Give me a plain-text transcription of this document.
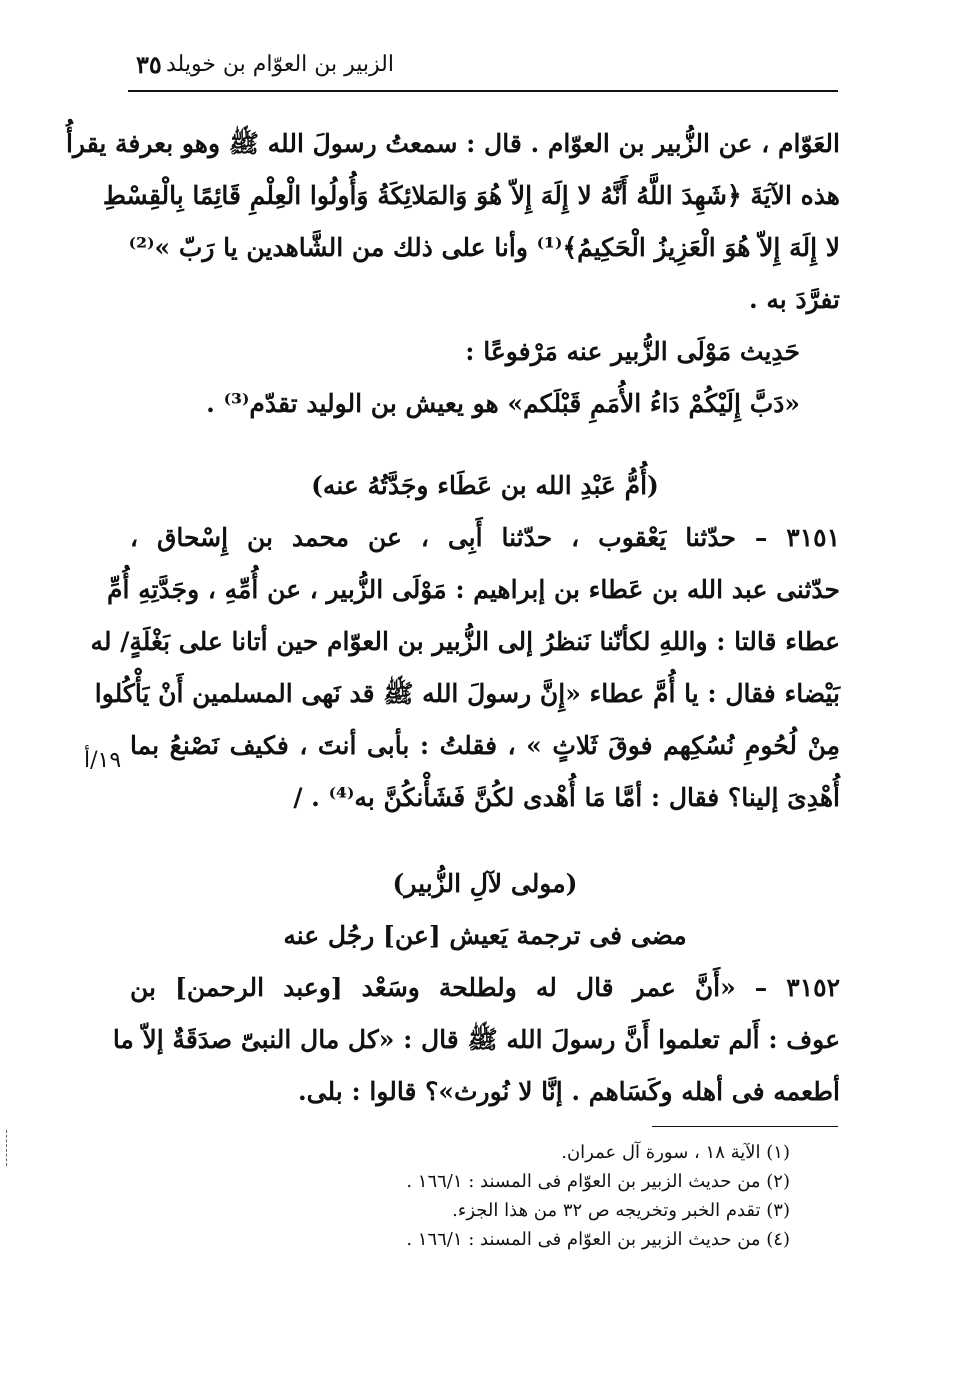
الزبير بن العوّام بن خويلد
٣٥
العَوّام ، عن الزُّبير بن العوّام . قال : سمعتُ رسولَ الله ﷺ وهو بعرفة يقرأُ
هذه الآيَةَ ﴿شَهِدَ اللَّهُ أَنَّهُ لا إِلَهَ إِلاّ هُوَ وَالمَلائِكَةُ وَأُولُوا الْعِلْمِ قَائِمًا بِالْقِسْطِ
لا إِلَهَ إِلاّ هُوَ الْعَزِيزُ الْحَكِيمُ﴾⁽¹⁾ وأنا على ذلك من الشَّاهدين يا رَبّ »⁽²⁾
تفرَّدَ به .
حَدِيث مَوْلَى الزُّبير عنه مَرْفوعًا :
«دَبَّ إِلَيْكُمْ دَاءُ الأُمَمِ قَبْلَكم» هو يعيش بن الوليد تقدّم⁽³⁾ .
(أُمُّ عَبْدِ الله بن عَطَاء وجَدَّتُهُ عنه)
٣١٥١ – حدّثنا يَعْقوب ، حدّثنا أَبِى ، عن محمد بن إِسْحاق ،
حدّثنى عبد الله بن عَطاء بن إبراهيم : مَوْلَى الزُّبير ، عن أُمِّهِ ، وجَدَّتِهِ أُمِّ
عطاء قالتا : واللهِ لكأنّنا نَنظرُ إلى الزُّبير بن العوّام حين أتانا على بَغْلَةٍ/ له
بَيْضاء فقال : يا أُمَّ عطاء «إِنَّ رسولَ الله ﷺ قد نَهى المسلمين أَنْ يَأْكُلوا
مِنْ لُحُومِ نُسُكِهم فوقَ ثَلاثٍ » ، فقلتُ : بأبى أنتَ ، فكيف نَصْنعُ بما
أُهْدِىَ إلينا؟ فقال : أمَّا مَا أُهْدى لكُنَّ فَشَأْنكُنَّ به⁽⁴⁾ . /
(مولى لآلِ الزُّبير)
مضى فى ترجمة يَعيش [عن] رجُل عنه
٣١٥٢ – «أَنَّ عمر قال له ولطلحة وسَعْد [وعبد الرحمن] بن
عوف : أَلم تعلموا أَنَّ رسولَ الله ﷺ قال : «كل مال النبىّ صدَقَةٌ إلاّ ما
أطعمه فى أهله وكَسَاهم . إنَّا لا نُورث»؟ قالوا : بلى.
١٩/أ
(١) الآية ١٨ ، سورة آل عمران.
(٢) من حديث الزبير بن العوّام فى المسند : ١٦٦/١ .
(٣) تقدم الخبر وتخريجه ص ٣٢ من هذا الجزء.
(٤) من حديث الزبير بن العوّام فى المسند : ١٦٦/١ .
